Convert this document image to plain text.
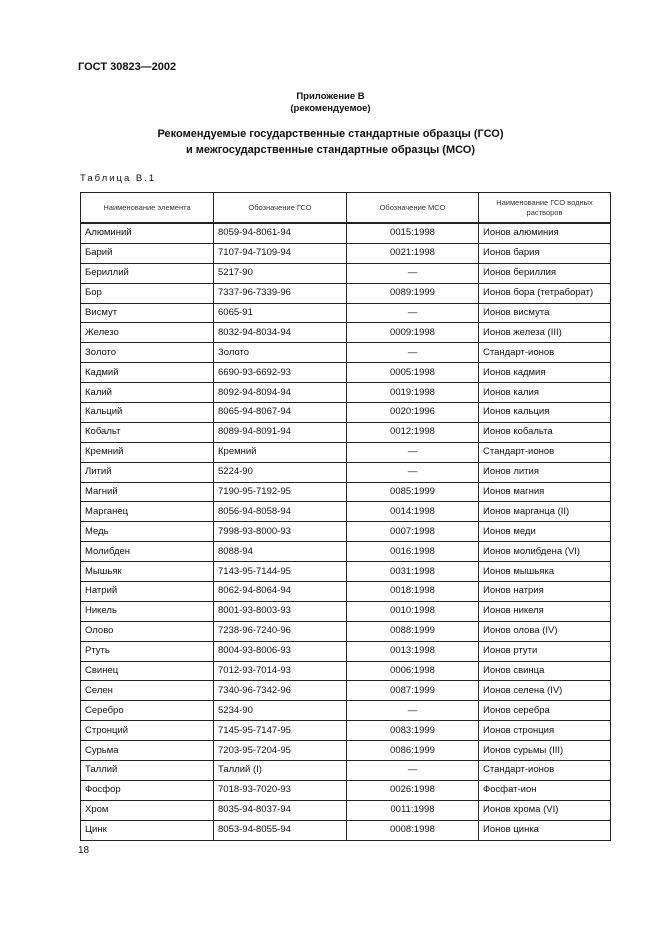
ГОСТ 30823—2002
Приложение В
(рекомендуемое)
Рекомендуемые государственные стандартные образцы (ГСО)
и межгосударственные стандартные образцы (МСО)
Таблица В.1
Наименование элемента	Обозначение ГСО	Обозначение МСО	Наименование ГСО водных растворов
Алюминий	8059-94-8061-94	0015:1998	Ионов алюминия
Барий	7107-94-7109-94	0021:1998	Ионов бария
Бериллий	5217-90	—	Ионов бериллия
Бор	7337-96-7339-96	0089:1999	Ионов бора (тетраборат)
Висмут	6065-91	—	Ионов висмута
Железо	8032-94-8034-94	0009:1998	Ионов железа (III)
Золото	Золото	—	Стандарт-ионов
Кадмий	6690-93-6692-93	0005:1998	Ионов кадмия
Калий	8092-94-8094-94	0019:1998	Ионов калия
Кальций	8065-94-8067-94	0020:1996	Ионов кальция
Кобальт	8089-94-8091-94	0012:1998	Ионов кобальта
Кремний	Кремний	—	Стандарт-ионов
Литий	5224-90	—	Ионов лития
Магний	7190-95-7192-95	0085:1999	Ионов магния
Марганец	8056-94-8058-94	0014:1998	Ионов марганца (II)
Медь	7998-93-8000-93	0007:1998	Ионов меди
Молибден	8088-94	0016:1998	Ионов молибдена (VI)
Мышьяк	7143-95-7144-95	0031:1998	Ионов мышьяка
Натрий	8062-94-8064-94	0018:1998	Ионов натрия
Никель	8001-93-8003-93	0010:1998	Ионов никеля
Олово	7238-96-7240-96	0088:1999	Ионов олова (IV)
Ртуть	8004-93-8006-93	0013:1998	Ионов ртути
Свинец	7012-93-7014-93	0006:1998	Ионов свинца
Селен	7340-96-7342-96	0087:1999	Ионов селена (IV)
Серебро	5234-90	—	Ионов серебра
Стронций	7145-95-7147-95	0083:1999	Ионов стронция
Сурьма	7203-95-7204-95	0086:1999	Ионов сурьмы (III)
Таллий	Таллий (I)	—	Стандарт-ионов
Фосфор	7018-93-7020-93	0026:1998	Фосфат-ион
Хром	8035-94-8037-94	0011:1998	Ионов хрома (VI)
Цинк	8053-94-8055-94	0008:1998	Ионов цинка
18
